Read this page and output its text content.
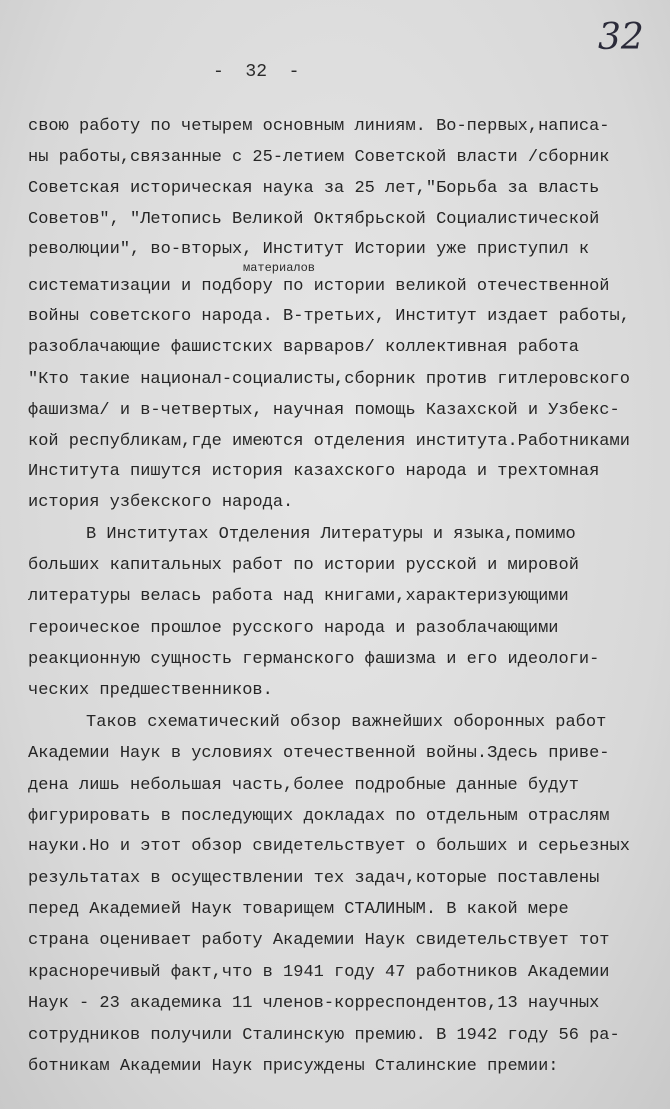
32
-  32  -
материалов
свою работу по четырем основным линиям. Во-первых,написа-
ны работы,связанные с 25-летием Советской власти /сборник
Советская историческая наука за 25 лет,"Борьба за власть
Советов", "Летопись Великой Октябрьской Социалистической
революции", во-вторых, Институт Истории уже приступил к
систематизации и подбору по истории великой отечественной
войны советского народа. В-третьих, Институт издает работы,
разоблачающие фашистских варваров/ коллективная работа
"Кто такие национал-социалисты,сборник против гитлеровского
фашизма/ и в-четвертых, научная помощь Казахской и Узбекс-
кой республикам,где имеются отделения института.Работниками
Института пишутся история казахского народа и трехтомная
история узбекского народа.
В Институтах Отделения Литературы и языка,помимо
больших капитальных работ по истории русской и мировой
литературы велась работа над книгами,характеризующими
героическое прошлое русского народа и разоблачающими
реакционную сущность германского фашизма и его идеологи-
ческих предшественников.
Таков схематический обзор важнейших оборонных работ
Академии Наук в условиях отечественной войны.Здесь приве-
дена лишь небольшая часть,более подробные данные будут
фигурировать в последующих докладах по отдельным отраслям
науки.Но и этот обзор свидетельствует о больших и серьезных
результатах в осуществлении тех задач,которые поставлены
перед Академией Наук товарищем СТАЛИНЫМ. В какой мере
страна оценивает работу Академии Наук свидетельствует тот
красноречивый факт,что в 1941 году 47 работников Академии
Наук - 23 академика 11 членов-корреспондентов,13 научных
сотрудников получили Сталинскую премию. В 1942 году 56 ра-
ботникам Академии Наук присуждены Сталинские премии:
